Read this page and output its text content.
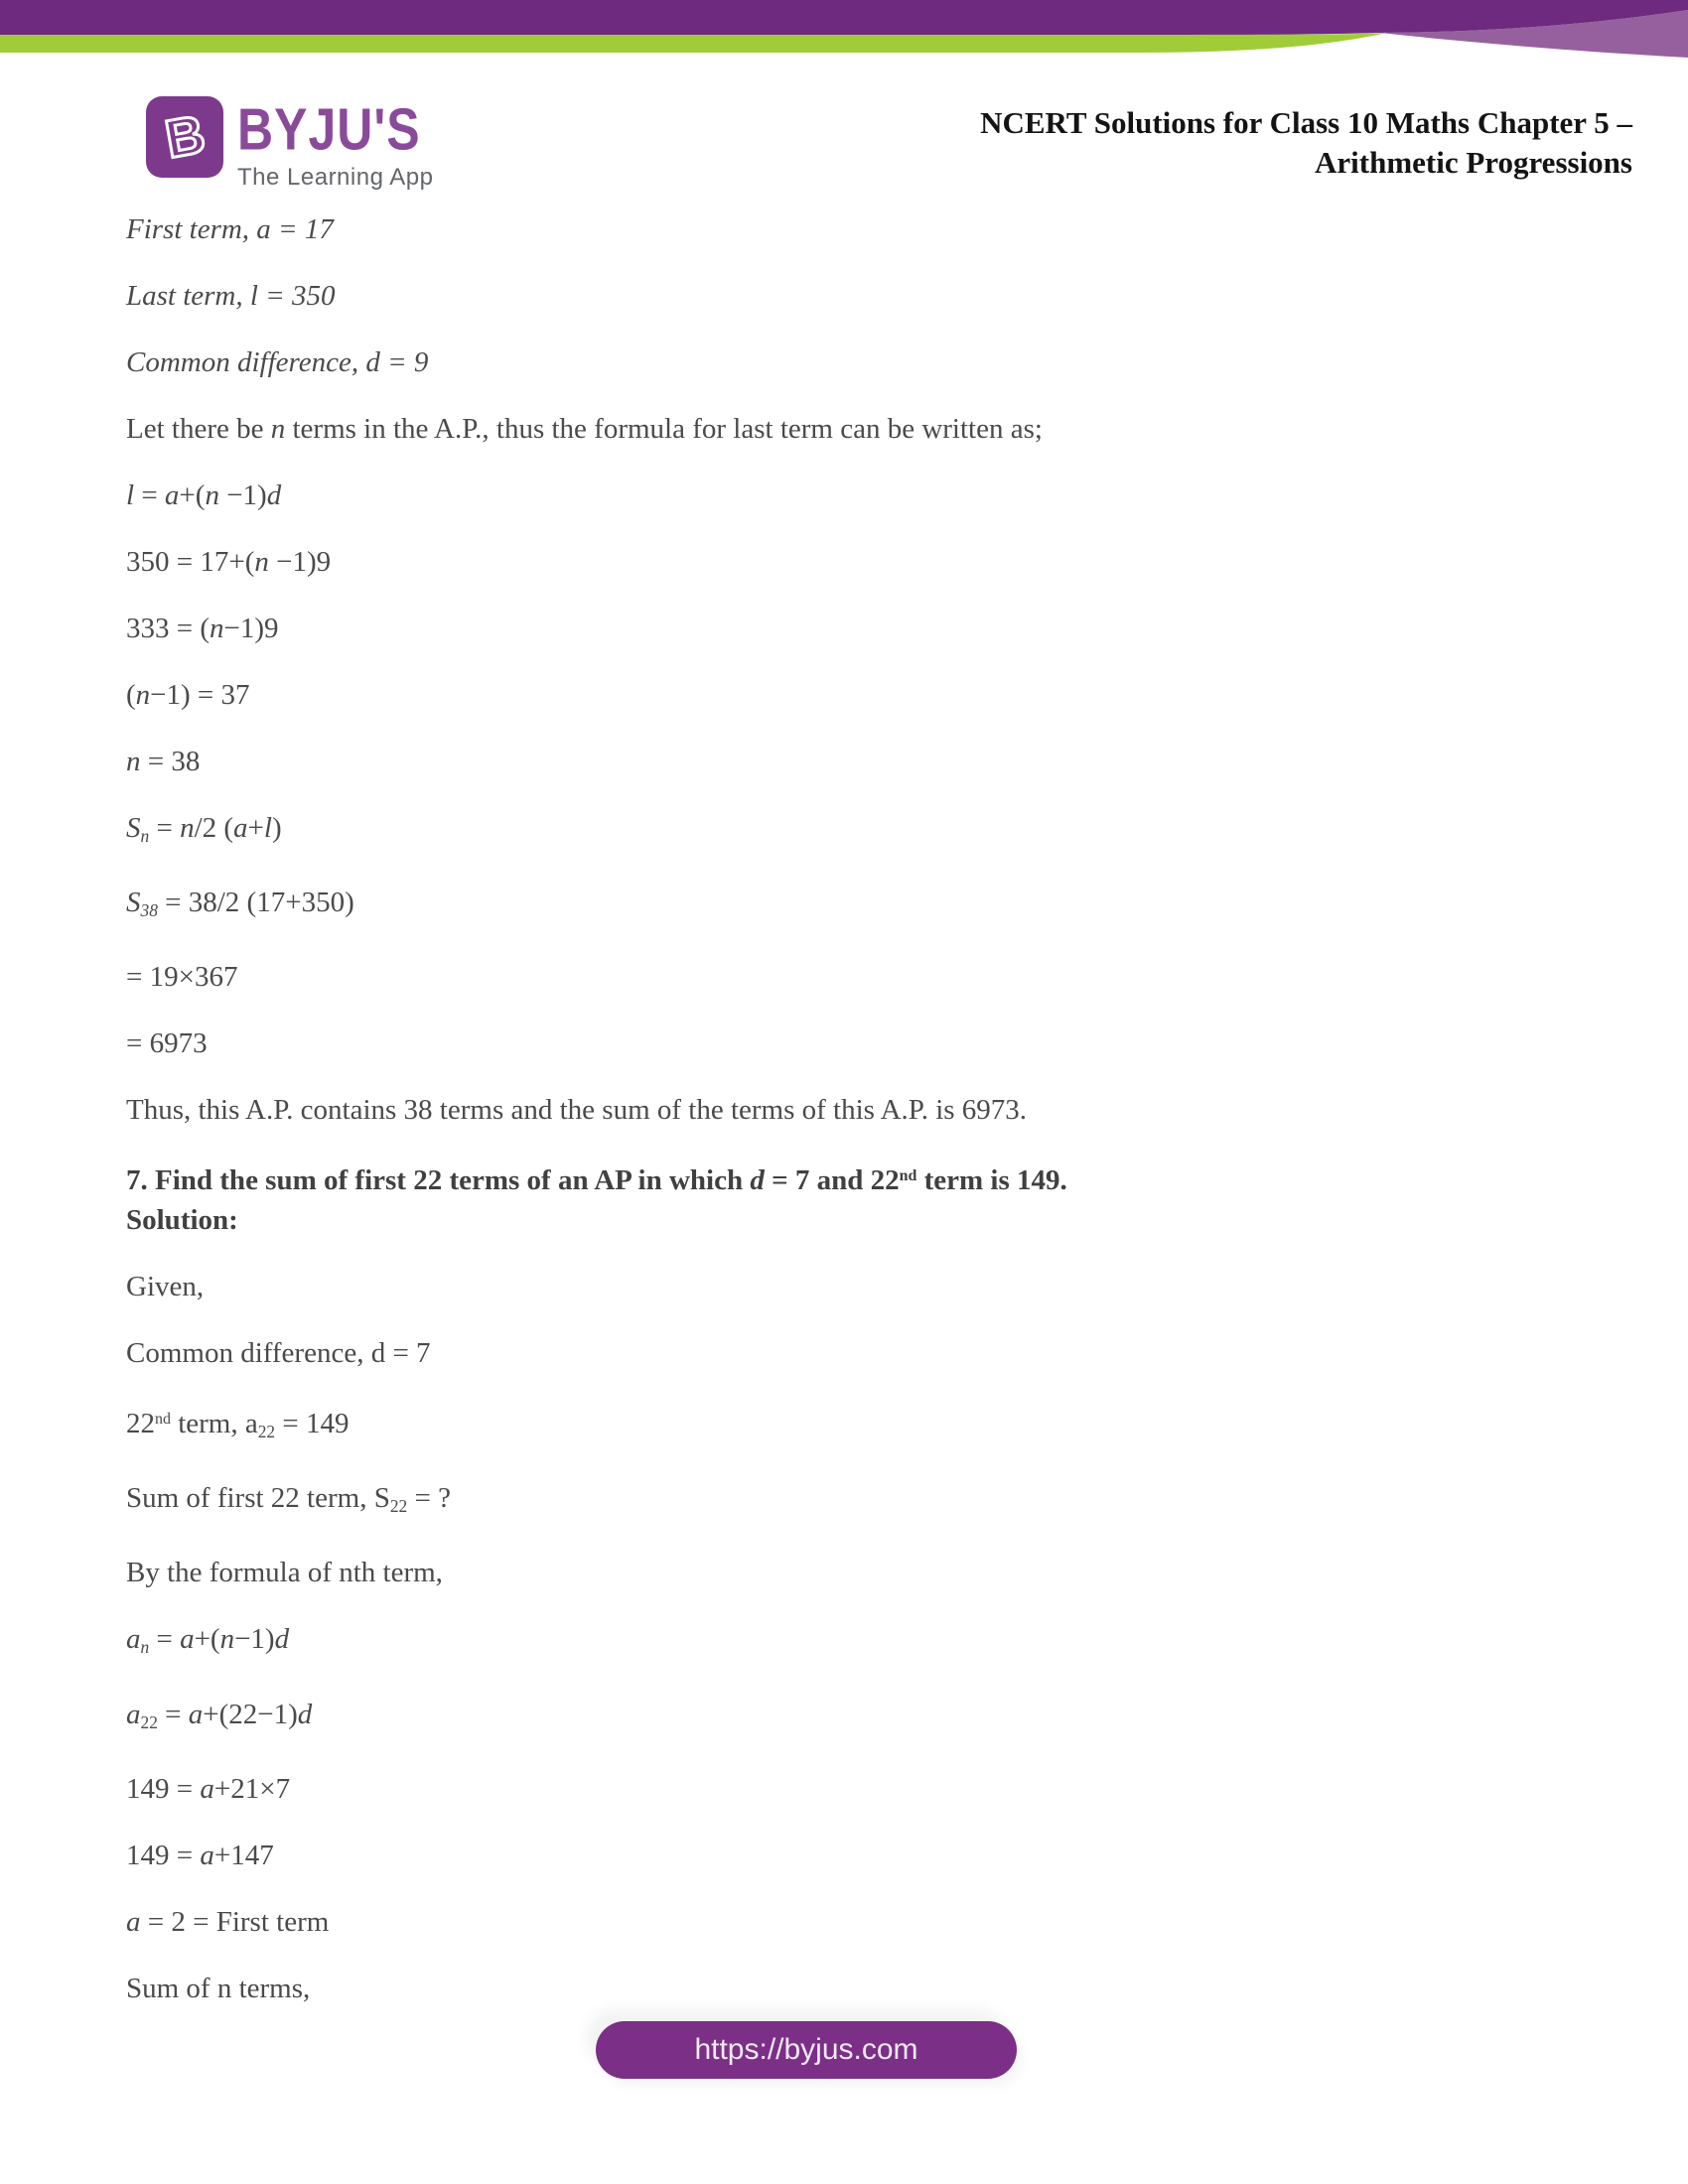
B BYJU'S
The Learning App
NCERT Solutions for Class 10 Maths Chapter 5 –
Arithmetic Progressions

First term, a = 17

Last term, l = 350

Common difference, d = 9

Let there be n terms in the A.P., thus the formula for last term can be written as;

l = a+(n −1)d

350 = 17+(n −1)9

333 = (n−1)9

(n−1) = 37

n = 38

$S_n = n/2$ (a+l)

$S_{38} = 38/2$ (17+350)

= 19×367

= 6973

Thus, this A.P. contains 38 terms and the sum of the terms of this A.P. is 6973.

7. Find the sum of first 22 terms of an AP in which d = 7 and 22nd term is 149.

Solution:

Given,

Common difference, d = 7

22nd term, $a_{22} = 149$

Sum of first 22 term, $S_{22}$ = ?

By the formula of nth term,

$a_n = a+(n-1)d$

$a_{22} = a+(22-1)d$

149 = a+21×7

149 = a+147

a = 2 = First term

Sum of n terms,

https://byjus.com
